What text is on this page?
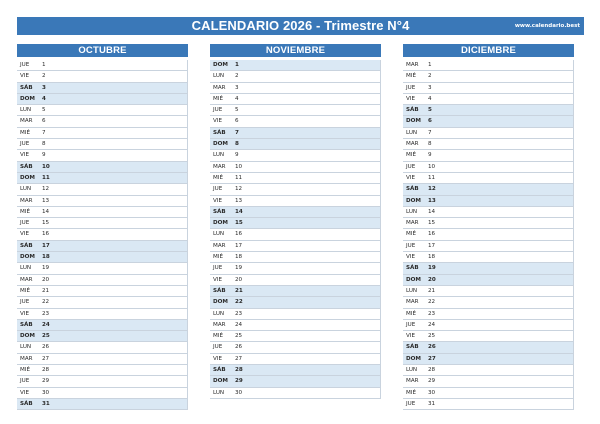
CALENDARIO 2026 - Trimestre N°4	www.calendario.best
OCTUBRE
JUE 1
VIE 2
SÁB 3
DOM 4
LUN 5
MAR 6
MIÉ 7
JUE 8
VIE 9
SÁB 10
DOM 11
LUN 12
MAR 13
MIÉ 14
JUE 15
VIE 16
SÁB 17
DOM 18
LUN 19
MAR 20
MIÉ 21
JUE 22
VIE 23
SÁB 24
DOM 25
LUN 26
MAR 27
MIÉ 28
JUE 29
VIE 30
SÁB 31
NOVIEMBRE
DOM 1
LUN 2
MAR 3
MIÉ 4
JUE 5
VIE 6
SÁB 7
DOM 8
LUN 9
MAR 10
MIÉ 11
JUE 12
VIE 13
SÁB 14
DOM 15
LUN 16
MAR 17
MIÉ 18
JUE 19
VIE 20
SÁB 21
DOM 22
LUN 23
MAR 24
MIÉ 25
JUE 26
VIE 27
SÁB 28
DOM 29
LUN 30
DICIEMBRE
MAR 1
MIÉ 2
JUE 3
VIE 4
SÁB 5
DOM 6
LUN 7
MAR 8
MIÉ 9
JUE 10
VIE 11
SÁB 12
DOM 13
LUN 14
MAR 15
MIÉ 16
JUE 17
VIE 18
SÁB 19
DOM 20
LUN 21
MAR 22
MIÉ 23
JUE 24
VIE 25
SÁB 26
DOM 27
LUN 28
MAR 29
MIÉ 30
JUE 31
